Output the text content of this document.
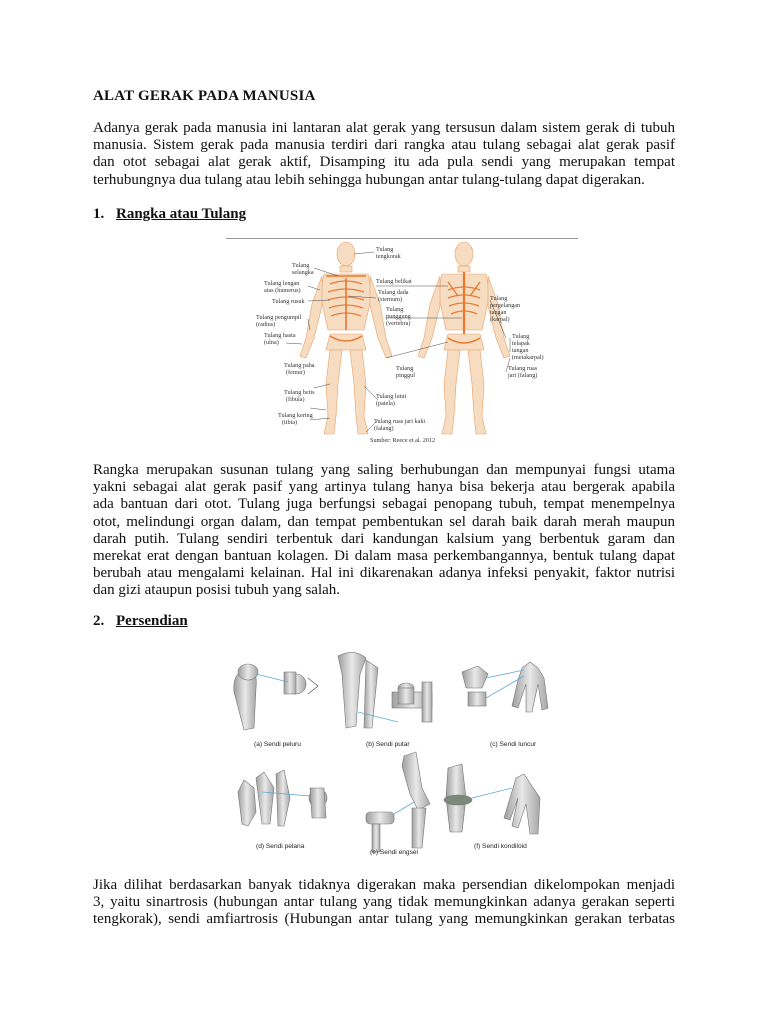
ALAT GERAK PADA MANUSIA
Adanya gerak pada manusia ini lantaran alat gerak yang tersusun dalam sistem gerak di tubuh
manusia. Sistem gerak pada manusia terdiri dari rangka atau tulang sebagai alat gerak pasif
dan otot sebagai alat gerak aktif, Disamping itu ada pula sendi yang merupakan tempat
terhubungnya dua tulang atau lebih sehingga hubungan antar tulang-tulang dapat digerakan.
1. Rangka atau Tulang
Tulang
selangka
Tulang lengan
atas (humerus)
Tulang rusuk
Tulang pengumpil
(radius)
Tulang hasta
(ulna)
Tulang paha
(femur)
Tulang betis
(fibula)
Tulang kering
(tibia)
Tulang
tengkorak
Tulang belikat
Tulang dada
(sternum)
Tulang
punggung
(vertebra)
Tulang
pinggul
Tulang lutut
(patela)
Tulang ruas jari kaki
(falang)
Tulang
pergelangan
tangan
(karpal)
Tulang
telapak
tangan
(metakarpal)
Tulang ruas
jari (falang)
Sumber: Reece et al. 2012
Rangka merupakan susunan tulang yang saling berhubungan dan mempunyai fungsi utama
yakni sebagai alat gerak pasif yang artinya tulang hanya bisa bekerja atau bergerak apabila
ada bantuan dari otot. Tulang juga berfungsi sebagai penopang tubuh, tempat menempelnya
otot, melindungi organ dalam, dan tempat pembentukan sel darah baik darah merah maupun
darah putih. Tulang sendiri terbentuk dari kandungan kalsium yang berbentuk garam dan
merekat erat dengan bantuan kolagen. Di dalam masa perkembangannya, bentuk tulang dapat
berubah atau mengalami kelainan. Hal ini dikarenakan adanya infeksi penyakit, faktor nutrisi
dan gizi ataupun posisi tubuh yang salah.
2. Persendian
(a) Sendi peluru	(b) Sendi putar	(c) Sendi luncur
(d) Sendi pelana
(e) Sendi engsel
(f) Sendi kondiloid
Jika dilihat berdasarkan banyak tidaknya digerakan maka persendian dikelompokan menjadi
3, yaitu sinartrosis (hubungan antar tulang yang tidak memungkinkan adanya gerakan seperti
tengkorak), sendi amfiartrosis (Hubungan antar tulang yang memungkinkan gerakan terbatas
